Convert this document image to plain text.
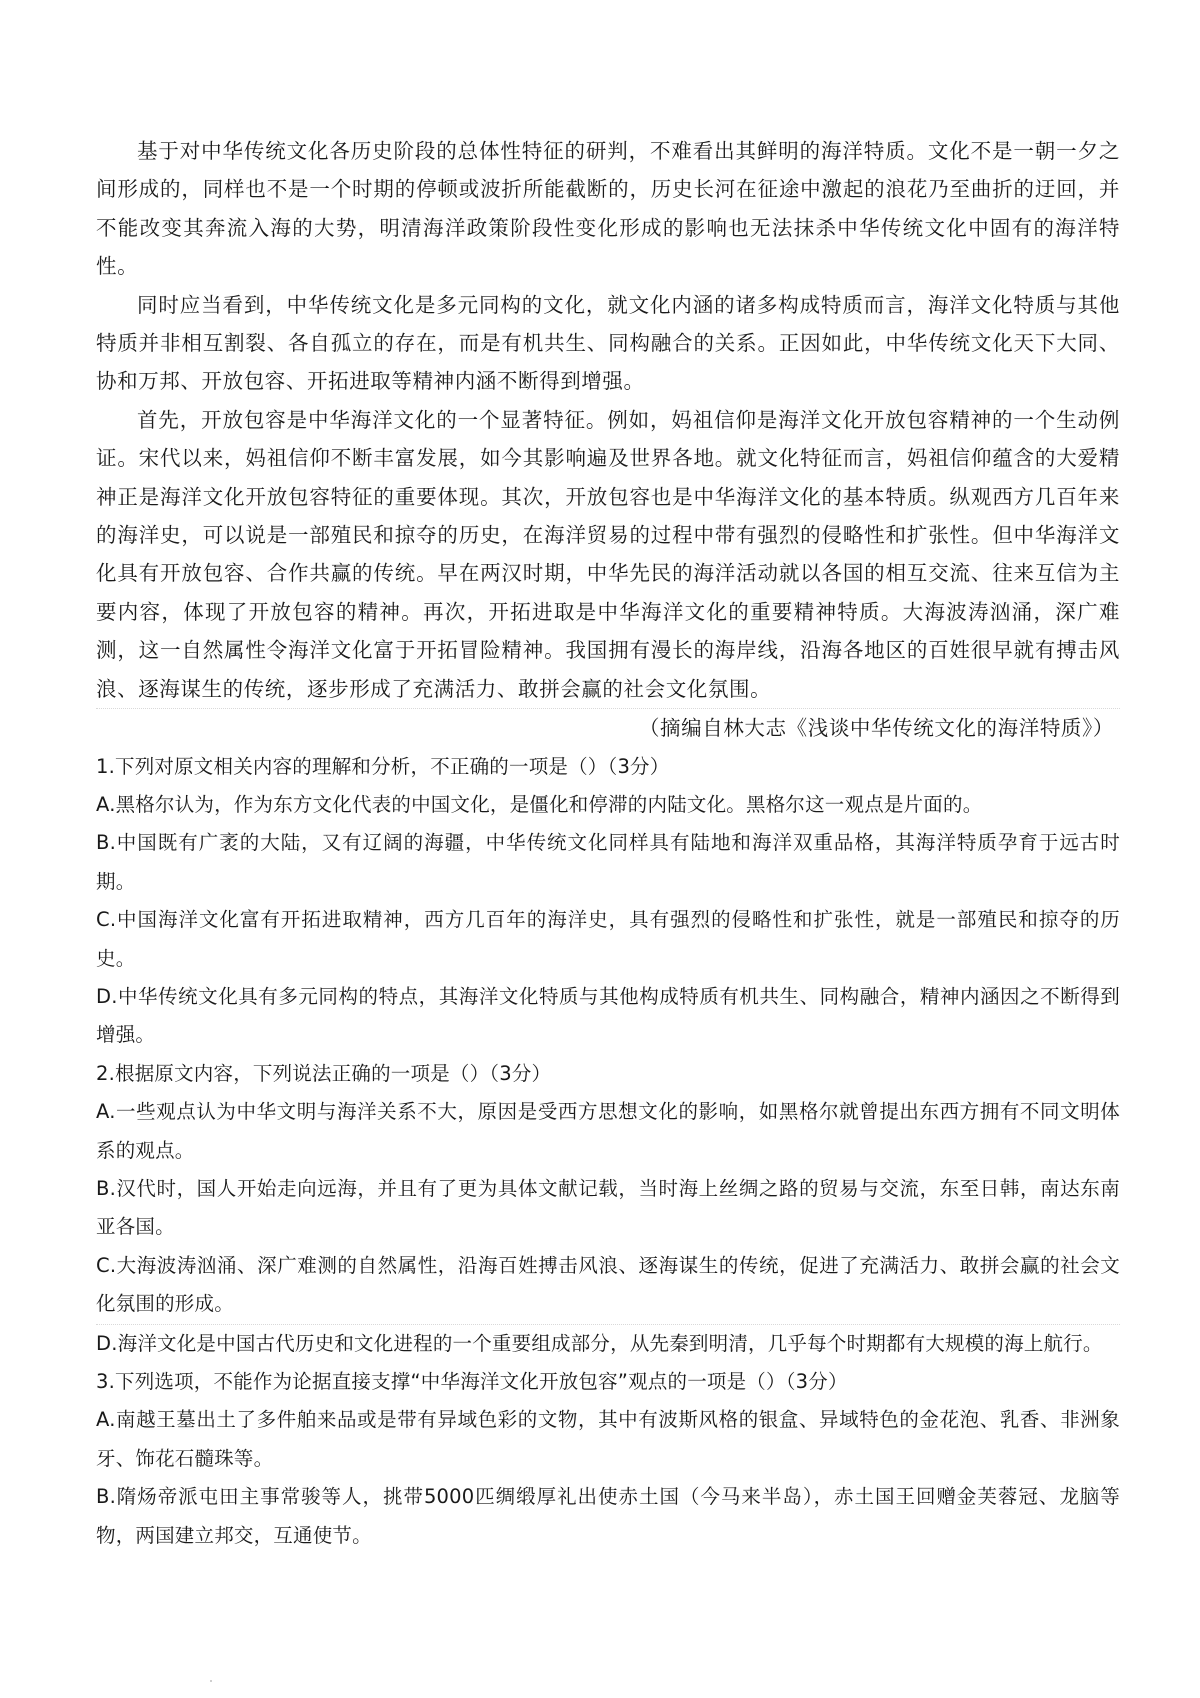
基于对中华传统文化各历史阶段的总体性特征的研判，不难看出其鲜明的海洋特质。文化不是一朝一夕之间形成的，同样也不是一个时期的停顿或波折所能截断的，历史长河在征途中激起的浪花乃至曲折的迂回，并不能改变其奔流入海的大势，明清海洋政策阶段性变化形成的影响也无法抹杀中华传统文化中固有的海洋特性。

同时应当看到，中华传统文化是多元同构的文化，就文化内涵的诸多构成特质而言，海洋文化特质与其他特质并非相互割裂、各自孤立的存在，而是有机共生、同构融合的关系。正因如此，中华传统文化天下大同、协和万邦、开放包容、开拓进取等精神内涵不断得到增强。

首先，开放包容是中华海洋文化的一个显著特征。例如，妈祖信仰是海洋文化开放包容精神的一个生动例证。宋代以来，妈祖信仰不断丰富发展，如今其影响遍及世界各地。就文化特征而言，妈祖信仰蕴含的大爱精神正是海洋文化开放包容特征的重要体现。其次，开放包容也是中华海洋文化的基本特质。纵观西方几百年来的海洋史，可以说是一部殖民和掠夺的历史，在海洋贸易的过程中带有强烈的侵略性和扩张性。但中华海洋文化具有开放包容、合作共赢的传统。早在两汉时期，中华先民的海洋活动就以各国的相互交流、往来互信为主要内容，体现了开放包容的精神。再次，开拓进取是中华海洋文化的重要精神特质。大海波涛汹涌，深广难测，这一自然属性令海洋文化富于开拓冒险精神。我国拥有漫长的海岸线，沿海各地区的百姓很早就有搏击风浪、逐海谋生的传统，逐步形成了充满活力、敢拼会赢的社会文化氛围。

（摘编自林大志《浅谈中华传统文化的海洋特质》）

1.下列对原文相关内容的理解和分析，不正确的一项是（）（3分）

A.黑格尔认为，作为东方文化代表的中国文化，是僵化和停滞的内陆文化。黑格尔这一观点是片面的。

B.中国既有广袤的大陆，又有辽阔的海疆，中华传统文化同样具有陆地和海洋双重品格，其海洋特质孕育于远古时期。

C.中国海洋文化富有开拓进取精神，西方几百年的海洋史，具有强烈的侵略性和扩张性，就是一部殖民和掠夺的历史。

D.中华传统文化具有多元同构的特点，其海洋文化特质与其他构成特质有机共生、同构融合，精神内涵因之不断得到增强。

2.根据原文内容，下列说法正确的一项是（）（3分）

A.一些观点认为中华文明与海洋关系不大，原因是受西方思想文化的影响，如黑格尔就曾提出东西方拥有不同文明体系的观点。

B.汉代时，国人开始走向远海，并且有了更为具体文献记载，当时海上丝绸之路的贸易与交流，东至日韩，南达东南亚各国。

C.大海波涛汹涌、深广难测的自然属性，沿海百姓搏击风浪、逐海谋生的传统，促进了充满活力、敢拼会赢的社会文化氛围的形成。

D.海洋文化是中国古代历史和文化进程的一个重要组成部分，从先秦到明清，几乎每个时期都有大规模的海上航行。

3.下列选项，不能作为论据直接支撑“中华海洋文化开放包容”观点的一项是（）（3分）

A.南越王墓出土了多件舶来品或是带有异域色彩的文物，其中有波斯风格的银盒、异域特色的金花泡、乳香、非洲象牙、饰花石髓珠等。

B.隋炀帝派屯田主事常骏等人，挑带5000匹绸缎厚礼出使赤土国（今马来半岛），赤土国王回赠金芙蓉冠、龙脑等物，两国建立邦交，互通使节。
